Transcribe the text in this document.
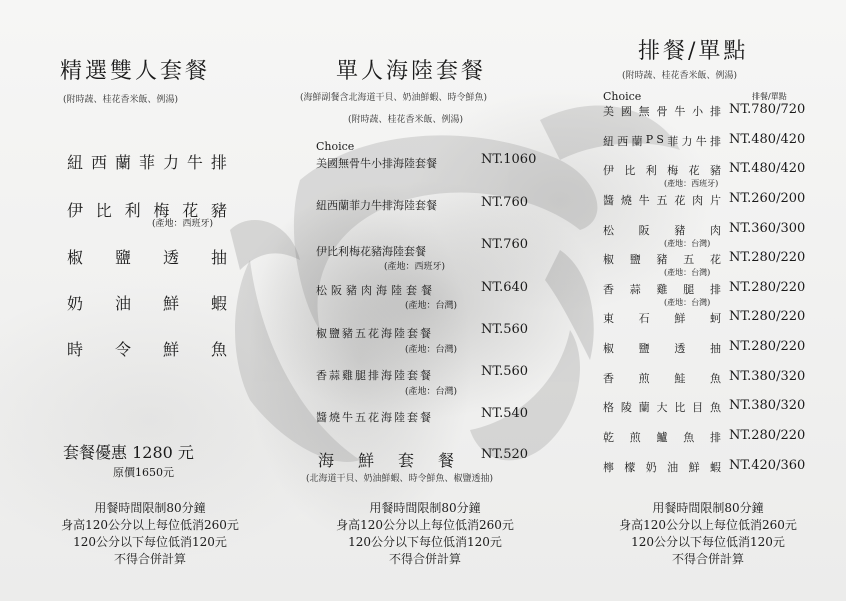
精選雙人套餐
(附時蔬、桂花香米飯、例湯)
紐 西 蘭 菲 力 牛 排
伊 比 利 梅 花 豬
(產地：西班牙)
椒 鹽 透 抽
奶 油 鮮 蝦
時 令 鮮 魚
套餐優惠 1280 元
原價1650元
用餐時間限制80分鐘
身高120公分以上每位低消260元
120公分以下每位低消120元
不得合併計算
單人海陸套餐
(海鮮副餐含北海道干貝、奶油鮮蝦、時令鮮魚)
(附時蔬、桂花香米飯、例湯)
Choice
美國無骨牛小排海陸套餐	NT.1060
紐西蘭菲力牛排海陸套餐	NT.760
伊比利梅花豬海陸套餐	NT.760
(產地：西班牙)
松阪豬肉海陸套餐	NT.640
(產地：台灣)
椒鹽豬五花海陸套餐	NT.560
(產地：台灣)
香蒜雞腿排海陸套餐	NT.560
(產地：台灣)
醬燒牛五花海陸套餐	NT.540
海鮮套餐 NT.520
(北海道干貝、奶油鮮蝦、時令鮮魚、椒鹽透抽)
用餐時間限制80分鐘
身高120公分以上每位低消260元
120公分以下每位低消120元
不得合併計算
排餐/單點
(附時蔬、桂花香米飯、例湯)
Choice	排餐/單點
美 國 無 骨 牛 小 排 NT.780/720
紐 西 蘭 P S 菲 力 牛 排 NT.480/420
伊 比 利 梅 花 豬 NT.480/420
(產地：西班牙)
醬 燒 牛 五 花 肉 片 NT.260/200
松 阪 豬 肉 NT.360/300
(產地：台灣)
椒 鹽 豬 五 花 NT.280/220
(產地：台灣)
香 蒜 雞 腿 排 NT.280/220
(產地：台灣)
東 石 鮮 蚵 NT.280/220
椒 鹽 透 抽 NT.280/220
香 煎 鮭 魚 NT.380/320
格 陵 蘭 大 比 目 魚 NT.380/320
乾 煎 鱸 魚 排 NT.280/220
檸 檬 奶 油 鮮 蝦 NT.420/360
用餐時間限制80分鐘
身高120公分以上每位低消260元
120公分以下每位低消120元
不得合併計算
